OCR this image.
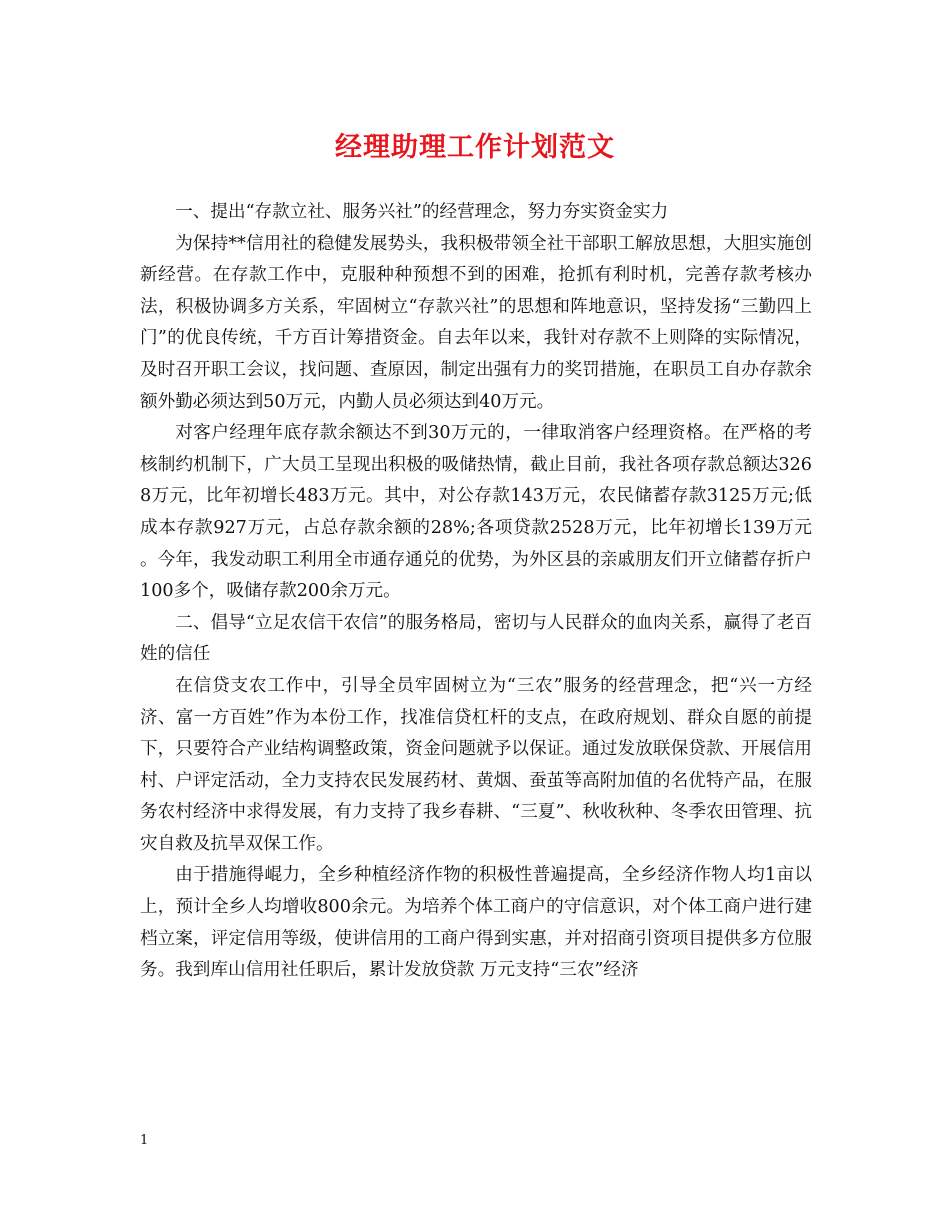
经理助理工作计划范文

一、提出“存款立社、服务兴社”的经营理念，努力夯实资金实力

为保持**信用社的稳健发展势头，我积极带领全社干部职工解放思想，大胆实施创新经营。在存款工作中，克服种种预想不到的困难，抢抓有利时机，完善存款考核办法，积极协调多方关系，牢固树立“存款兴社”的思想和阵地意识，坚持发扬“三勤四上门”的优良传统，千方百计筹措资金。自去年以来，我针对存款不上则降的实际情况，及时召开职工会议，找问题、查原因，制定出强有力的奖罚措施，在职员工自办存款余额外勤必须达到50万元，内勤人员必须达到40万元。

对客户经理年底存款余额达不到30万元的，一律取消客户经理资格。在严格的考核制约机制下，广大员工呈现出积极的吸储热情，截止目前，我社各项存款总额达3268万元，比年初增长483万元。其中，对公存款143万元，农民储蓄存款3125万元;低成本存款927万元，占总存款余额的28%;各项贷款2528万元，比年初增长139万元 。今年，我发动职工利用全市通存通兑的优势，为外区县的亲戚朋友们开立储蓄存折户100多个，吸储存款200余万元。

二、倡导“立足农信干农信”的服务格局，密切与人民群众的血肉关系，赢得了老百姓的信任

在信贷支农工作中，引导全员牢固树立为“三农”服务的经营理念，把“兴一方经济、富一方百姓”作为本份工作，找准信贷杠杆的支点，在政府规划、群众自愿的前提下，只要符合产业结构调整政策，资金问题就予以保证。通过发放联保贷款、开展信用村、户评定活动，全力支持农民发展药材、黄烟、蚕茧等高附加值的名优特产品，在服务农村经济中求得发展，有力支持了我乡春耕、“三夏”、秋收秋种、冬季农田管理、抗灾自救及抗旱双保工作。

由于措施得崐力，全乡种植经济作物的积极性普遍提高，全乡经济作物人均1亩以上，预计全乡人均增收800余元。为培养个体工商户的守信意识，对个体工商户进行建档立案，评定信用等级，使讲信用的工商户得到实惠，并对招商引资项目提供多方位服务。我到库山信用社任职后，累计发放贷款 万元支持“三农”经济

1
